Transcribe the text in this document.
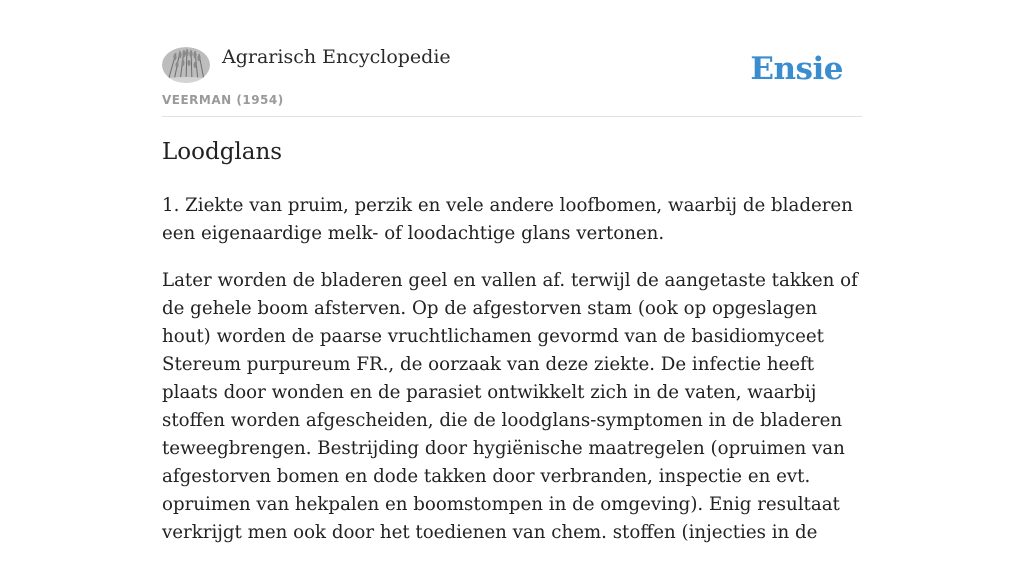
Agrarisch Encyclopedie
VEERMAN (1954)
Ensie
Loodglans

1. Ziekte van pruim, perzik en vele andere loofbomen, waarbij de bladeren een eigenaardige melk- of loodachtige glans vertonen.

Later worden de bladeren geel en vallen af. terwijl de aangetaste takken of de gehele boom afsterven. Op de afgestorven stam (ook op opgeslagen hout) worden de paarse vruchtlichamen gevormd van de basidiomyceet Stereum purpureum FR., de oorzaak van deze ziekte. De infectie heeft plaats door wonden en de parasiet ontwikkelt zich in de vaten, waarbij stoffen worden afgescheiden, die de loodglans-symptomen in de bladeren teweegbrengen. Bestrijding door hygiënische maatregelen (opruimen van afgestorven bomen en dode takken door verbranden, inspectie en evt. opruimen van hekpalen en boomstompen in de omgeving). Enig resultaat verkrijgt men ook door het toedienen van chem. stoffen (injecties in de
